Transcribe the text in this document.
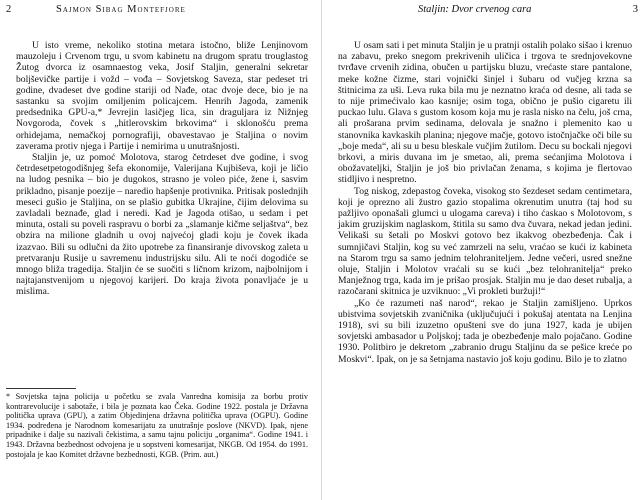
2	Sajmon Sibag Montefjore

U isto vreme, nekoliko stotina metara istočno, bliže Lenjinovom mauzoleju i Crvenom trgu, u svom kabinetu na drugom spratu trouglastog Žutog dvorca iz osamnaestog veka, Josif Staljin, generalni sekretar boljševičke partije i vožd – vođa – Sovjetskog Saveza, star pedeset tri godine, dvadeset dve godine stariji od Nađe, otac dvoje dece, bio je na sastanku sa svojim omiljenim policajcem. Henrih Jagoda, zamenik predsednika GPU-a,* Jevrejin lasičjeg lica, sin draguljara iz Nižnjeg Novgoroda, čovek s „hitlerovskim brkovima“ i sklonošću prema orhidejama, nemačkoj pornografiji, obavestavao je Staljina o novim zaverama protiv njega i Partije i nemirima u unutrašnjosti.

Staljin je, uz pomoć Molotova, starog četrdeset dve godine, i svog četrdesetpetogodišnjeg šefa ekonomije, Valerijana Kujbiševa, koji je ličio na ludog pesnika – bio je dugokos, strasno je voleo piće, žene i, sasvim prikladno, pisanje poezije – naredio hapšenje protivnika. Pritisak poslednjih meseci gušio je Staljina, on se plašio gubitka Ukrajine, čijim delovima su zavladali beznađe, glad i neredi. Kad je Jagoda otišao, u sedam i pet minuta, ostali su poveli raspravu o borbi za „slamanje kičme seljaštva“, bez obzira na milione gladnih u ovoj najvećoj gladi koju je čovek ikada izazvao. Bili su odlučni da žito upotrebe za finansiranje divovskog zaleta u pretvaranju Rusije u savremenu industrijsku silu. Ali te noći dogodiće se mnogo bliža tragedija. Staljin će se suočiti s ličnom krizom, najbolnijom i najtajanstvenijom u njegovoj karijeri. Do kraja života ponavljaće je u mislima.

* Sovjetska tajna policija u početku se zvala Vanredna komisija za borbu protiv kontrarevolucije i sabotaže, i bila je poznata kao Čeka. Godine 1922. postala je Državna politička uprava (GPU), a zatim Objedinjena državna politička uprava (OGPU). Godine 1934. podređena je Narodnom komesarijatu za unutrašnje poslove (NKVD). Ipak, njene pripadnike i dalje su nazivali čekistima, a samu tajnu policiju „organima“. Godine 1941. i 1943. Državna bezbednost odvojena je u sopstveni komesarijat, NKGB. Od 1954. do 1991. postojala je kao Komitet državne bezbednosti, KGB. (Prim. aut.)
Staljin: Dvor crvenog cara	3

U osam sati i pet minuta Staljin je u pratnji ostalih polako sišao i krenuo na zabavu, preko snegom prekrivenih uličica i trgova te srednjovekovne tvrđave crvenih zidina, obučen u partijsku bluzu, vrećaste stare pantalone, meke kožne čizme, stari vojnički šinjel i šubaru od vučjeg krzna sa štitnicima za uši. Leva ruka bila mu je neznatno kraća od desne, ali tada se to nije primećivalo kao kasnije; osim toga, obično je pušio cigaretu ili puckao lulu. Glava s gustom kosom koja mu je rasla nisko na čelu, još crna, ali prošarana prvim sedinama, delovala je snažno i plemenito kao u stanovnika kavkaskih planina; njegove mačje, gotovo istočnjačke oči bile su „boje meda“, ali su u besu bleskale vučjim žutilom. Decu su bockali njegovi brkovi, a miris duvana im je smetao, ali, prema sećanjima Molotova i obožavateljki, Staljin je još bio privlačan ženama, s kojima je flertovao stidljivo i nespretno.

Tog niskog, zdepastog čoveka, visokog sto šezdeset sedam centimetara, koji je oprezno ali žustro gazio stopalima okrenutim unutra (taj hod su pažljivo oponašali glumci u ulogama careva) i tiho ćaskao s Molotovom, s jakim gruzijskim naglaskom, štitila su samo dva čuvara, nekad jedan jedini. Velikaši su šetali po Moskvi gotovo bez ikakvog obezbeđenja. Čak i sumnjičavi Staljin, kog su već zamrzeli na selu, vraćao se kući iz kabineta na Starom trgu sa samo jednim telohraniteljem. Jedne večeri, usred snežne oluje, Staljin i Molotov vraćali su se kući „bez telohranitelja“ preko Manježnog trga, kada im je prišao prosjak. Staljin mu je dao deset rubalja, a razočarani skitnica je uzviknuo: „Vi prokleti buržuji!“

„Ko će razumeti naš narod“, rekao je Staljin zamišljeno. Uprkos ubistvima sovjetskih zvaničnika (uključujući i pokušaj atentata na Lenjina 1918), svi su bili izuzetno opušteni sve do juna 1927, kada je ubijen sovjetski ambasador u Poljskoj; tada je obezbeđenje malo pojačano. Godine 1930. Politbiro je dekretom „zabranio drugu Staljinu da se pešice kreće po Moskvi“. Ipak, on je sa šetnjama nastavio još koju godinu. Bilo je to zlatno
